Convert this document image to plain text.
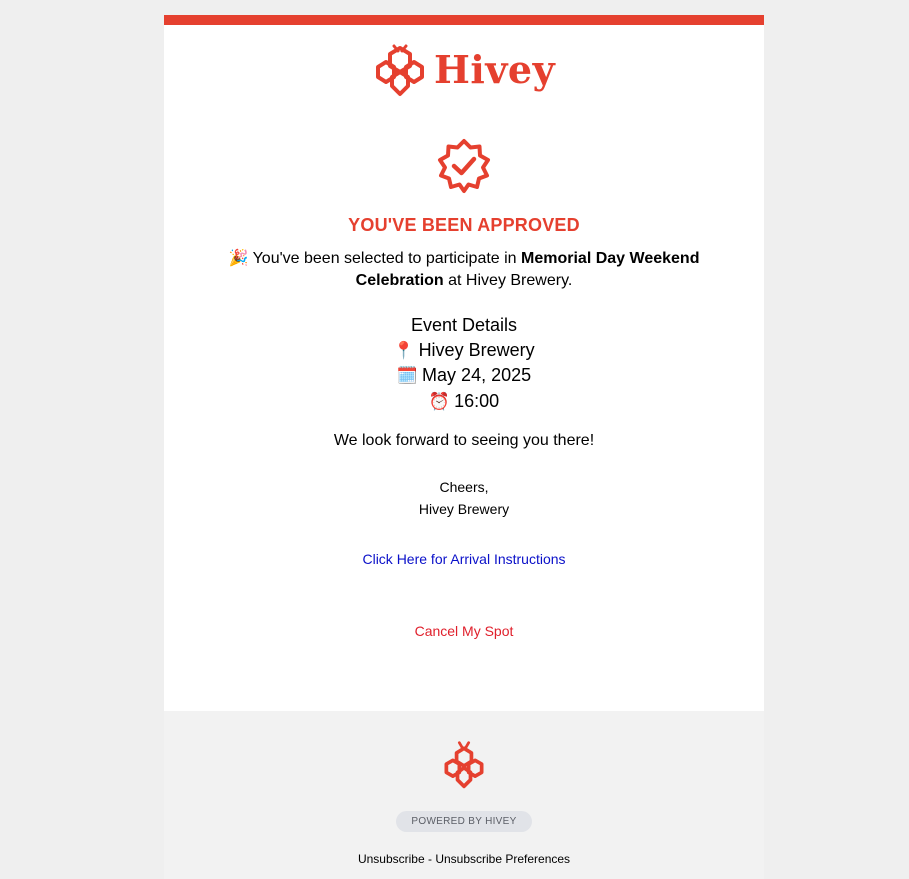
Hivey
YOU'VE BEEN APPROVED
🎉 You've been selected to participate in Memorial Day Weekend Celebration at Hivey Brewery.
Event Details
📍 Hivey Brewery
🗓️ May 24, 2025
⏰ 16:00
We look forward to seeing you there!
Cheers,
Hivey Brewery
Click Here for Arrival Instructions
Cancel My Spot
POWERED BY HIVEY
Unsubscribe - Unsubscribe Preferences
